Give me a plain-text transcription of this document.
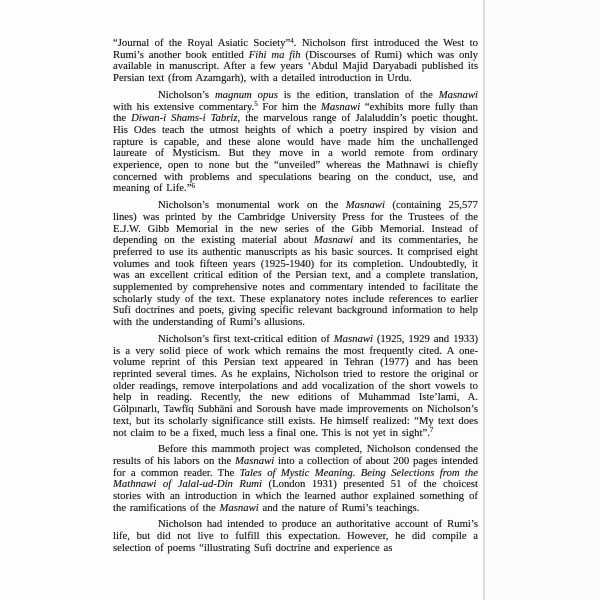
“Journal of the Royal Asiatic Society”$^4$. Nicholson first introduced the West to Rumi’s another book entitled Fihi ma fih (Discourses of Rumi) which was only available in manuscript. After a few years ‘Abdul Majid Daryabadi published its Persian text (from Azamgarh), with a detailed introduction in Urdu.

Nicholson’s magnum opus is the edition, translation of the Masnawi with his extensive commentary.$^5$ For him the Masnawi “exhibits more fully than the Diwan-i Shams-i Tabriz, the marvelous range of Jalaluddin’s poetic thought. His Odes teach the utmost heights of which a poetry inspired by vision and rapture is capable, and these alone would have made him the unchallenged laureate of Mysticism. But they move in a world remote from ordinary experience, open to none but the “unveiled” whereas the Mathnawi is chiefly concerned with problems and speculations bearing on the conduct, use, and meaning of Life.”$^6$

Nicholson’s monumental work on the Masnawi (containing 25,577 lines) was printed by the Cambridge University Press for the Trustees of the E.J.W. Gibb Memorial in the new series of the Gibb Memorial. Instead of depending on the existing material about Masnawi and its commentaries, he preferred to use its authentic manuscripts as his basic sources. It comprised eight volumes and took fifteen years (1925-1940) for its completion. Undoubtedly, it was an excellent critical edition of the Persian text, and a complete translation, supplemented by comprehensive notes and commentary intended to facilitate the scholarly study of the text. These explanatory notes include references to earlier Sufi doctrines and poets, giving specific relevant background information to help with the understanding of Rumi’s allusions.

Nicholson’s first text-critical edition of Masnawi (1925, 1929 and 1933) is a very solid piece of work which remains the most frequently cited. A one-volume reprint of this Persian text appeared in Tehran (1977) and has been reprinted several times. As he explains, Nicholson tried to restore the original or older readings, remove interpolations and add vocalization of the short vowels to help in reading. Recently, the new editions of Muhammad Iste’lami, A. Gölpınarlı, Tawfīq Subhāni and Soroush have made improvements on Nicholson’s text, but its scholarly significance still exists. He himself realized: “My text does not claim to be a fixed, much less a final one. This is not yet in sight”.$^7$

Before this mammoth project was completed, Nicholson condensed the results of his labors on the Masnawi into a collection of about 200 pages intended for a common reader. The Tales of Mystic Meaning. Being Selections from the Mathnawi of Jalal-ud-Din Rumi (London 1931) presented 51 of the choicest stories with an introduction in which the learned author explained something of the ramifications of the Masnawi and the nature of Rumi’s teachings.

Nicholson had intended to produce an authoritative account of Rumi’s life, but did not live to fulfill this expectation. However, he did compile a selection of poems “illustrating Sufi doctrine and experience as
